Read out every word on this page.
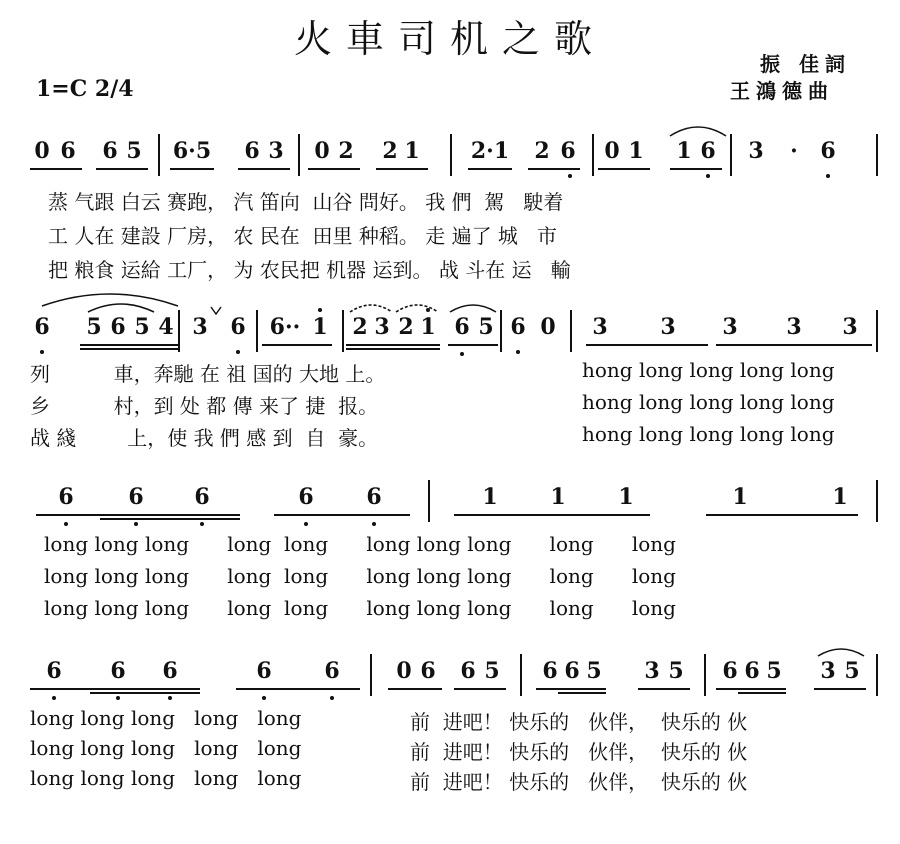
火車司机之歌
振 佳詞
王鴻德曲
1=C 2/4
0 6 6 5 6·5 6 3 0 2 2 1 2·1 2 6 0 1 1 6 3	·	6
蒸 气跟 白云 赛跑， 汽 笛向  山谷 問好。 我 們  駕   駛着
工 人在 建設 厂房， 农 民在  田里 种稻。 走 遍了 城   市
把 粮食 运給 工厂， 为 农民把 机器 运到。 战 斗在 运   輸
6 5 6 5 4 3 6 6·· 1 2 3 2 1 6 5 6 0 3 3 3 3 3
列          車，奔馳 在 祖 国的 大地 上。
乡          村，到 处 都 傳 来了 捷  报。
战 綫        上，使 我 們 感 到  自  豪。
hong long long long long
hong long long long long
hong long long long long
6 6 6	6 6	1 1 1	1	1
long long long      long  long      long long long      long      long
long long long      long  long      long long long      long      long
long long long      long  long      long long long      long      long
6 6 6	6 6	0 6 6 5 6 6 5 3 5 6 6 5 3 5
long long long   long   long
long long long   long   long
long long long   long   long
前  进吧！ 快乐的   伙伴，  快乐的 伙
前  进吧！ 快乐的   伙伴，  快乐的 伙
前  进吧！ 快乐的   伙伴，  快乐的 伙
